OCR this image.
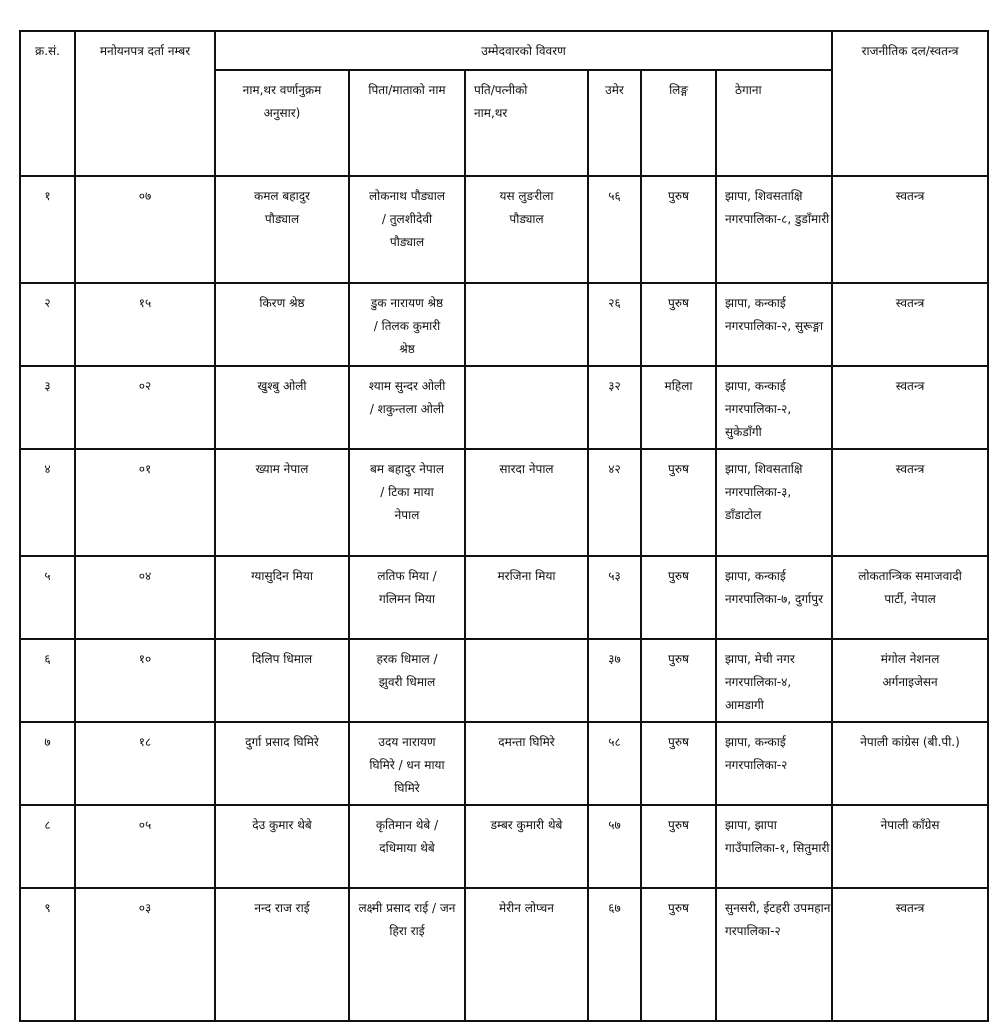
क्र.सं.	मनोयनपत्र दर्ता नम्बर	उम्मेदवारको विवरण						राजनीतिक दल/स्वतन्त्र
		नाम,थर वर्णानुक्रम अनुसार)	पिता/माताको नाम	पति/पत्नीको नाम,थर	उमेर	लिङ्ग	ठेगाना	
१	०७	कमल बहादुर पौड्याल	लोकनाथ पौड्याल / तुलशीदेवी पौड्याल	यस लुङरीला पौड्याल	५६	पुरुष	झापा, शिवसताक्षि नगरपालिका-८, डुडाँमारी	स्वतन्त्र
२	१५	किरण श्रेष्ठ	डुक नारायण श्रेष्ठ / तिलक कुमारी श्रेष्ठ		२६	पुरुष	झापा, कन्काई नगरपालिका-२, सुरूङ्गा	स्वतन्त्र
३	०२	खुश्बु ओली	श्याम सुन्दर ओली / शकुन्तला ओली		३२	महिला	झापा, कन्काई नगरपालिका-२, सुकेडाँगी	स्वतन्त्र
४	०१	ख्याम नेपाल	बम बहादुर नेपाल / टिका माया नेपाल	सारदा नेपाल	४२	पुरुष	झापा, शिवसताक्षि नगरपालिका-३, डाँडाटोल	स्वतन्त्र
५	०४	ग्यासुदिन मिया	लतिफ मिया / गलिमन मिया	मरजिना मिया	५३	पुरुष	झापा, कन्काई नगरपालिका-७, दुर्गापुर	लोकतान्त्रिक समाजवादी पार्टी, नेपाल
६	१०	दिलिप धिमाल	हरक धिमाल / झुवरी धिमाल		३७	पुरुष	झापा, मेची नगर नगरपालिका-४, आमडागी	मंगोल नेशनल अर्गनाइजेसन
७	१८	दुर्गा प्रसाद घिमिरे	उदय नारायण घिमिरे / धन माया घिमिरे	दमन्ता घिमिरे	५८	पुरुष	झापा, कन्काई नगरपालिका-२	नेपाली कांग्रेस (बी.पी.)
८	०५	देउ कुमार थेबे	कृतिमान थेबे / दधिमाया थेबे	डम्बर कुमारी थेबे	५७	पुरुष	झापा, झापा गाउँपालिका-१, सितुमारी	नेपाली काँग्रेस
९	०३	नन्द राज राई	लक्ष्मी प्रसाद राई / जन हिरा राई	मेरीन लोप्चन	६७	पुरुष	सुनसरी, ईटहरी उपमहानगरपालिका-२	स्वतन्त्र
